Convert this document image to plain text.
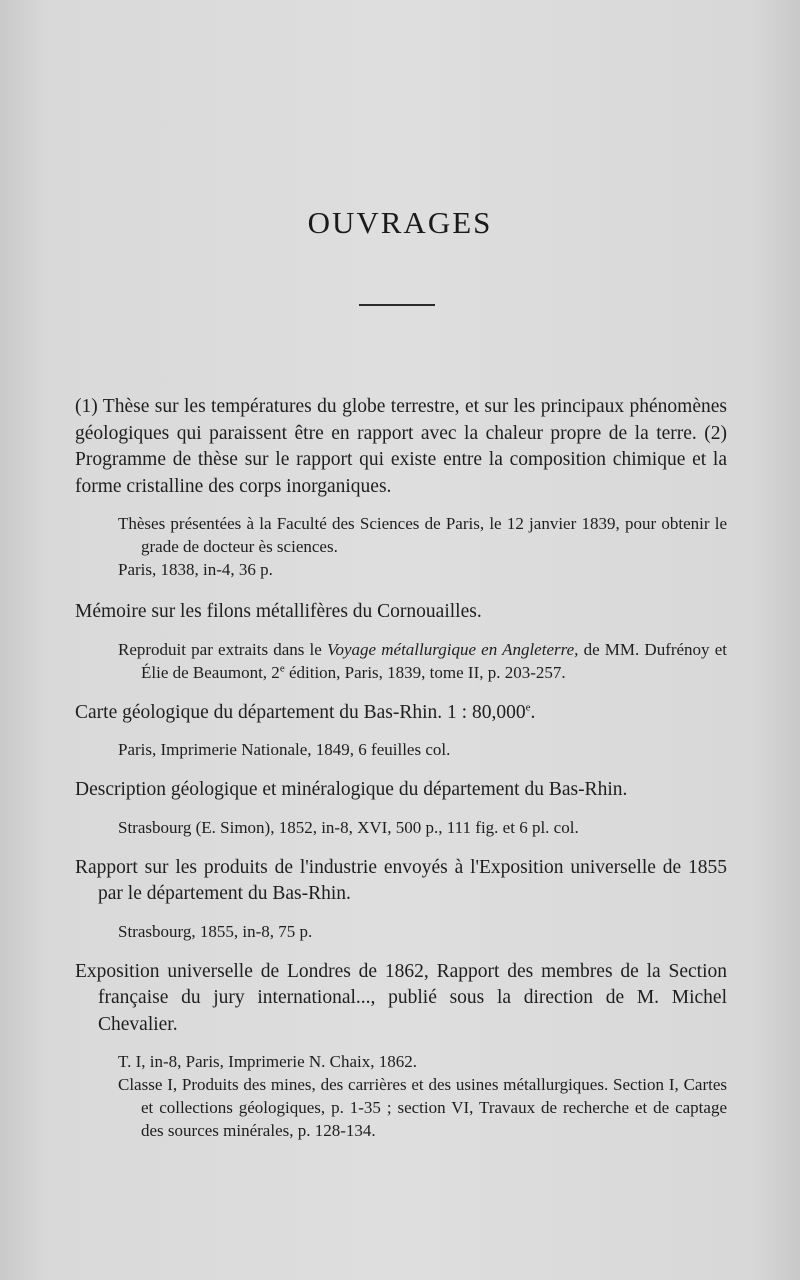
OUVRAGES

(1) Thèse sur les températures du globe terrestre, et sur les principaux phénomènes géologiques qui paraissent être en rapport avec la chaleur propre de la terre. (2) Programme de thèse sur le rapport qui existe entre la composition chimique et la forme cristalline des corps inorganiques.

Thèses présentées à la Faculté des Sciences de Paris, le 12 janvier 1839, pour obtenir le grade de docteur ès sciences.

Paris, 1838, in-4, 36 p.

Mémoire sur les filons métallifères du Cornouailles.

Reproduit par extraits dans le Voyage métallurgique en Angleterre, de MM. Dufrénoy et Élie de Beaumont, 2e édition, Paris, 1839, tome II, p. 203-257.

Carte géologique du département du Bas-Rhin. 1 : 80,000e.

Paris, Imprimerie Nationale, 1849, 6 feuilles col.

Description géologique et minéralogique du département du Bas-Rhin.

Strasbourg (E. Simon), 1852, in-8, XVI, 500 p., 111 fig. et 6 pl. col.

Rapport sur les produits de l'industrie envoyés à l'Exposition universelle de 1855 par le département du Bas-Rhin.

Strasbourg, 1855, in-8, 75 p.

Exposition universelle de Londres de 1862, Rapport des membres de la Section française du jury international..., publié sous la direction de M. Michel Chevalier.

T. I, in-8, Paris, Imprimerie N. Chaix, 1862.

Classe I, Produits des mines, des carrières et des usines métallurgiques. Section I, Cartes et collections géologiques, p. 1-35 ; section VI, Travaux de recherche et de captage des sources minérales, p. 128-134.
